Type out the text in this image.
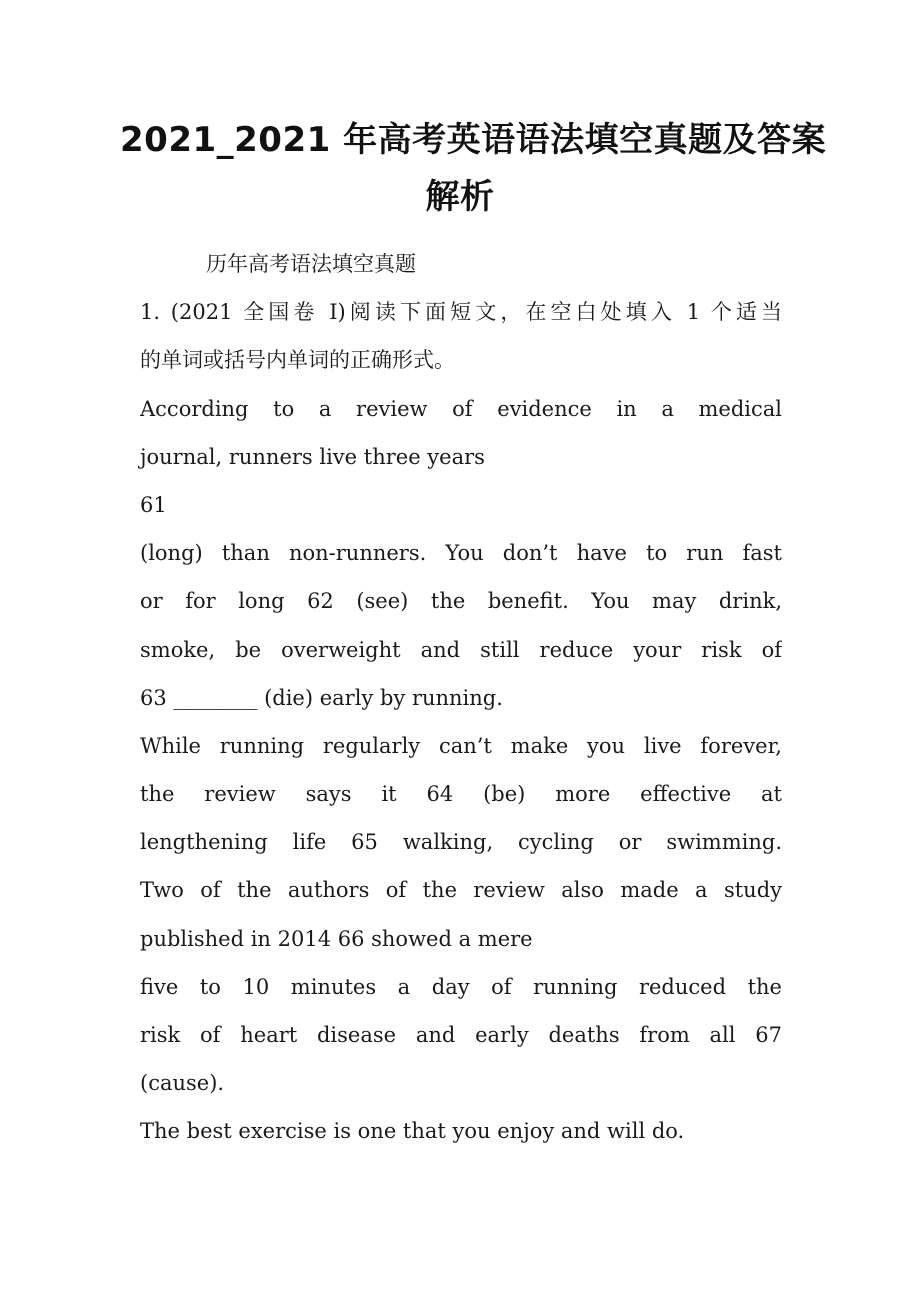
2021_2021 年高考英语语法填空真题及答案
解析
历年高考语法填空真题
1. (2021 全国卷 I)阅读下面短文，在空白处填入 1 个适当
的单词或括号内单词的正确形式。
According to a review of evidence in a medical
journal, runners live three years
61
(long) than non-runners. You don’t have to run fast
or for long 62 (see) the benefit. You may drink,
smoke, be overweight and still reduce your risk of
63 ________ (die) early by running.
While running regularly can’t make you live forever,
the review says it 64 (be) more effective at
lengthening life 65 walking, cycling or swimming.
Two of the authors of the review also made a study
published in 2014 66 showed a mere
five to 10 minutes a day of running reduced the
risk of heart disease and early deaths from all 67
(cause).
The best exercise is one that you enjoy and will do.
